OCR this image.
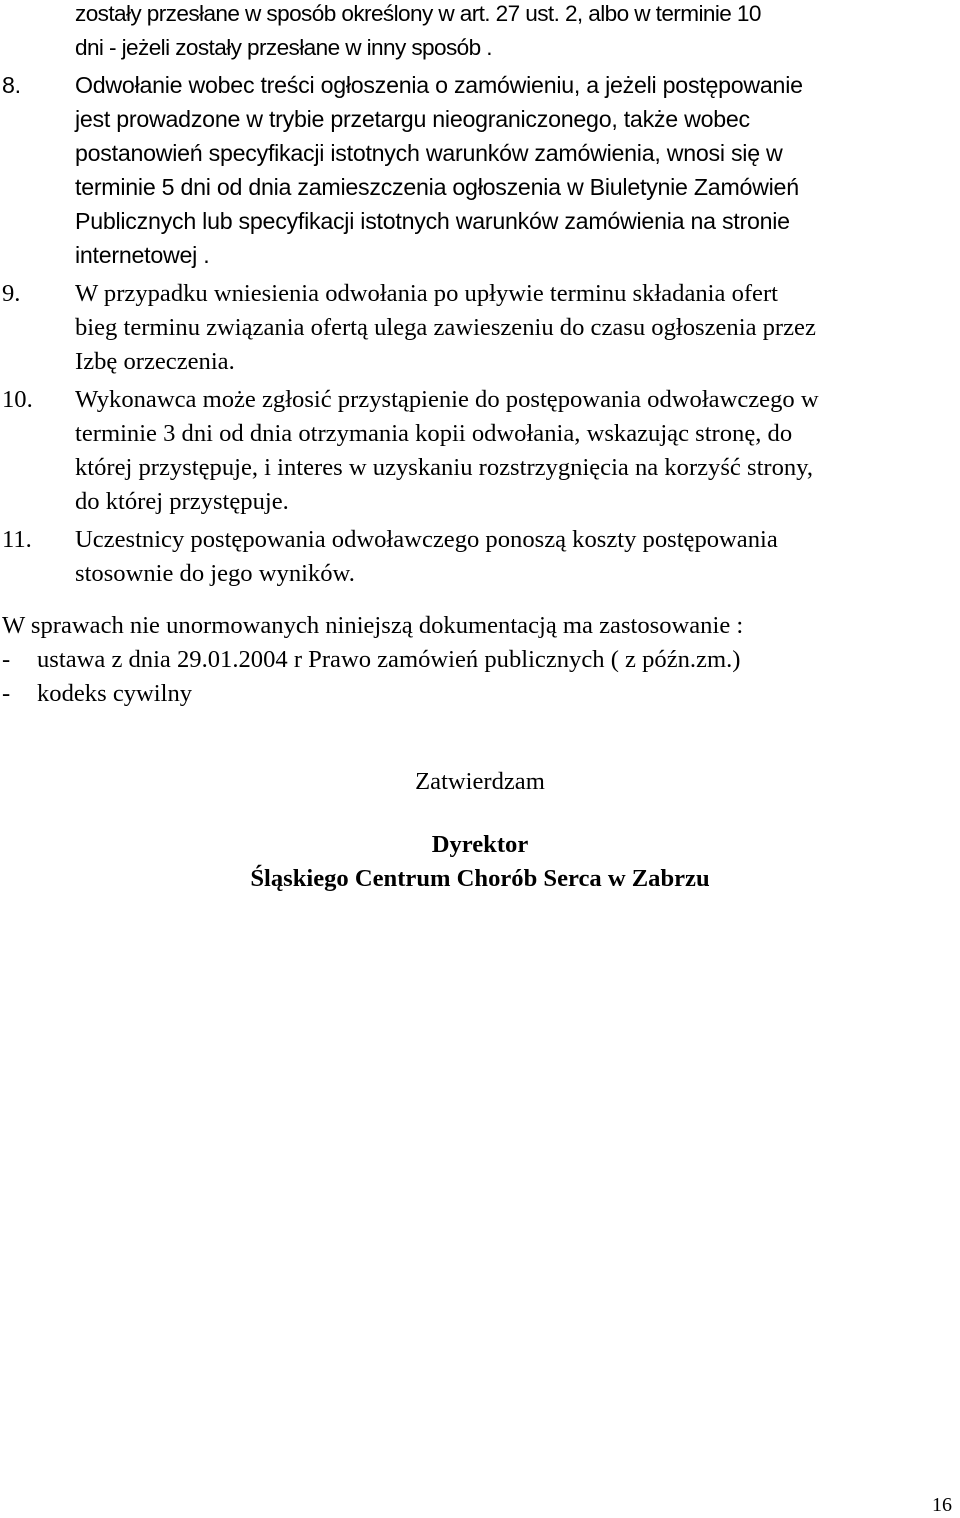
zostały przesłane w sposób określony w art. 27 ust. 2, albo w terminie 10
dni - jeżeli zostały przesłane w inny sposób .
8. Odwołanie wobec treści ogłoszenia o zamówieniu, a jeżeli postępowanie
jest prowadzone w trybie przetargu nieograniczonego, także wobec
postanowień specyfikacji istotnych warunków zamówienia, wnosi się w
terminie 5 dni od dnia zamieszczenia ogłoszenia w Biuletynie Zamówień
Publicznych lub specyfikacji istotnych warunków zamówienia na stronie
internetowej .
9. W przypadku wniesienia odwołania po upływie terminu składania ofert
bieg terminu związania ofertą ulega zawieszeniu do czasu ogłoszenia przez
Izbę orzeczenia.
10. Wykonawca może zgłosić przystąpienie do postępowania odwoławczego w
terminie 3 dni od dnia otrzymania kopii odwołania, wskazując stronę, do
której przystępuje, i interes w uzyskaniu rozstrzygnięcia na korzyść strony,
do której przystępuje.
11. Uczestnicy postępowania odwoławczego ponoszą koszty postępowania
stosownie do jego wyników.
W sprawach nie unormowanych niniejszą dokumentacją ma zastosowanie :
- ustawa z dnia 29.01.2004 r Prawo zamówień publicznych ( z późn.zm.)
- kodeks cywilny
Zatwierdzam
Dyrektor
Śląskiego Centrum Chorób Serca w Zabrzu
16
